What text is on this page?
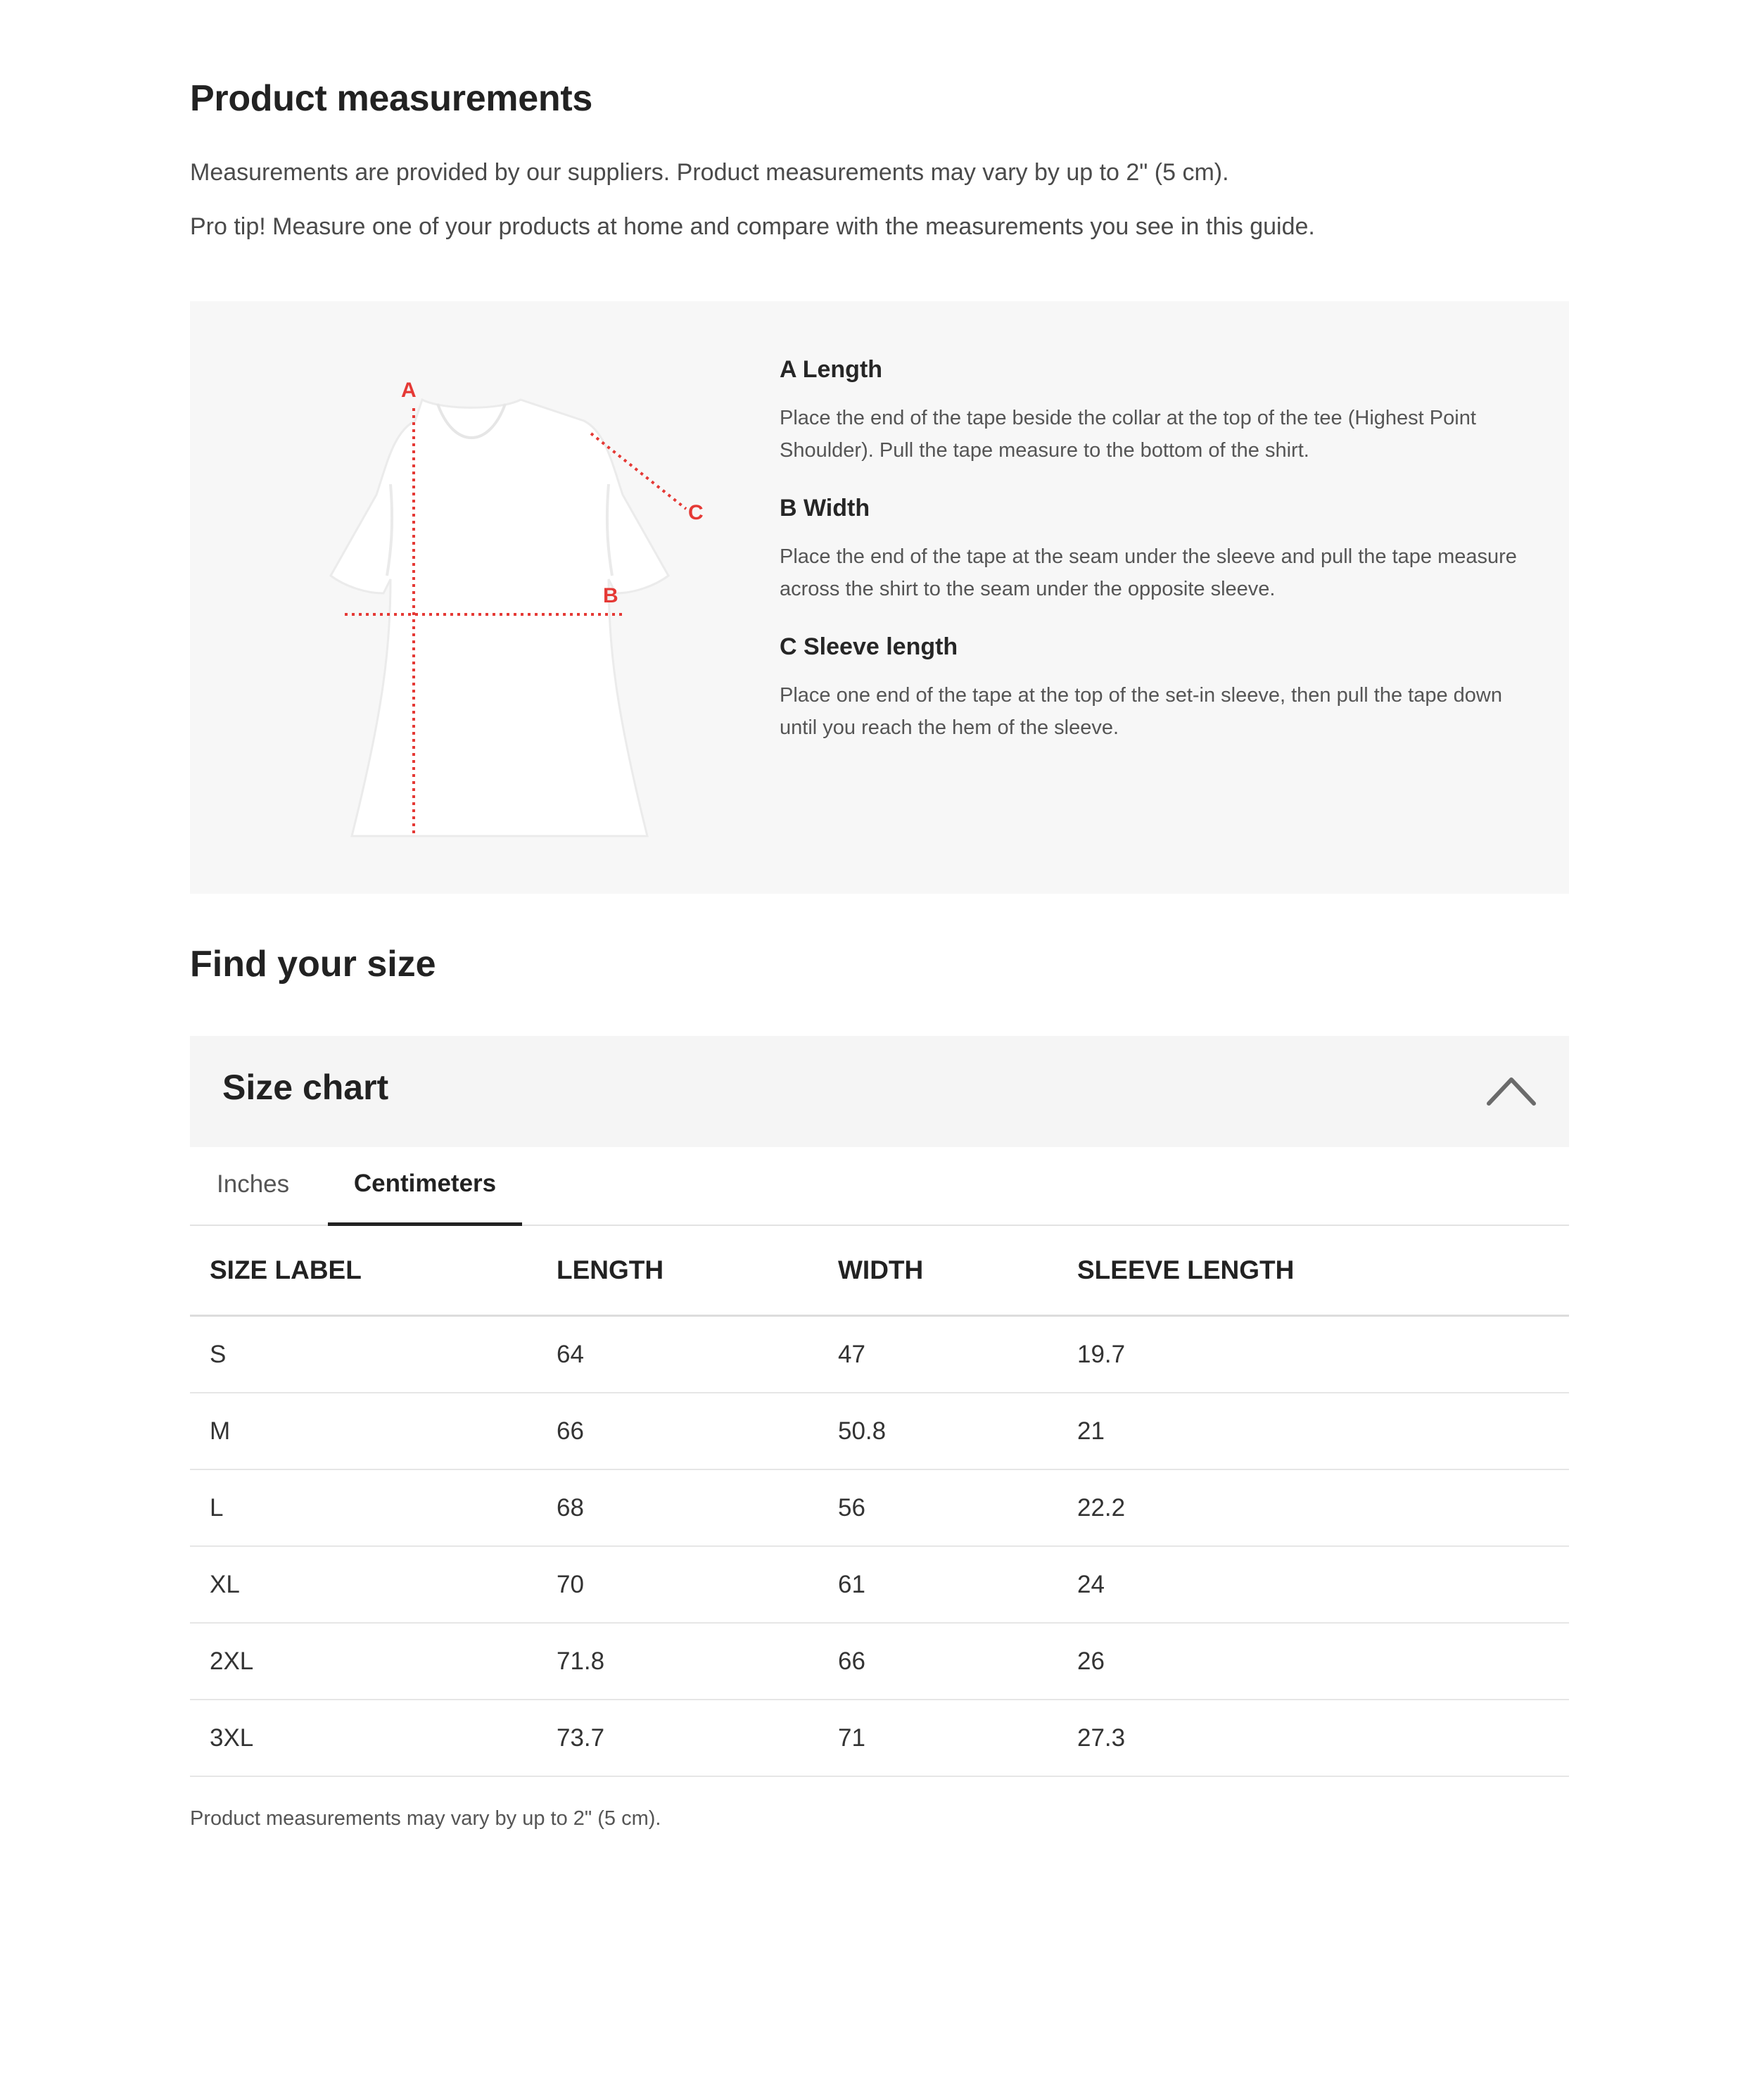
Product measurements

Measurements are provided by our suppliers. Product measurements may vary by up to 2" (5 cm).

Pro tip! Measure one of your products at home and compare with the measurements you see in this guide.

A
B
C
A Length

Place the end of the tape beside the collar at the top of the tee (Highest Point Shoulder). Pull the tape measure to the bottom of the shirt.

B Width

Place the end of the tape at the seam under the sleeve and pull the tape measure across the shirt to the seam under the opposite sleeve.

C Sleeve length

Place one end of the tape at the top of the set-in sleeve, then pull the tape down until you reach the hem of the sleeve.

Find your size
Size chart
Inches	Centimeters
SIZE LABEL	LENGTH	WIDTH	SLEEVE LENGTH
S	64	47	19.7
M	66	50.8	21
L	68	56	22.2
XL	70	61	24
2XL	71.8	66	26
3XL	73.7	71	27.3

Product measurements may vary by up to 2" (5 cm).
